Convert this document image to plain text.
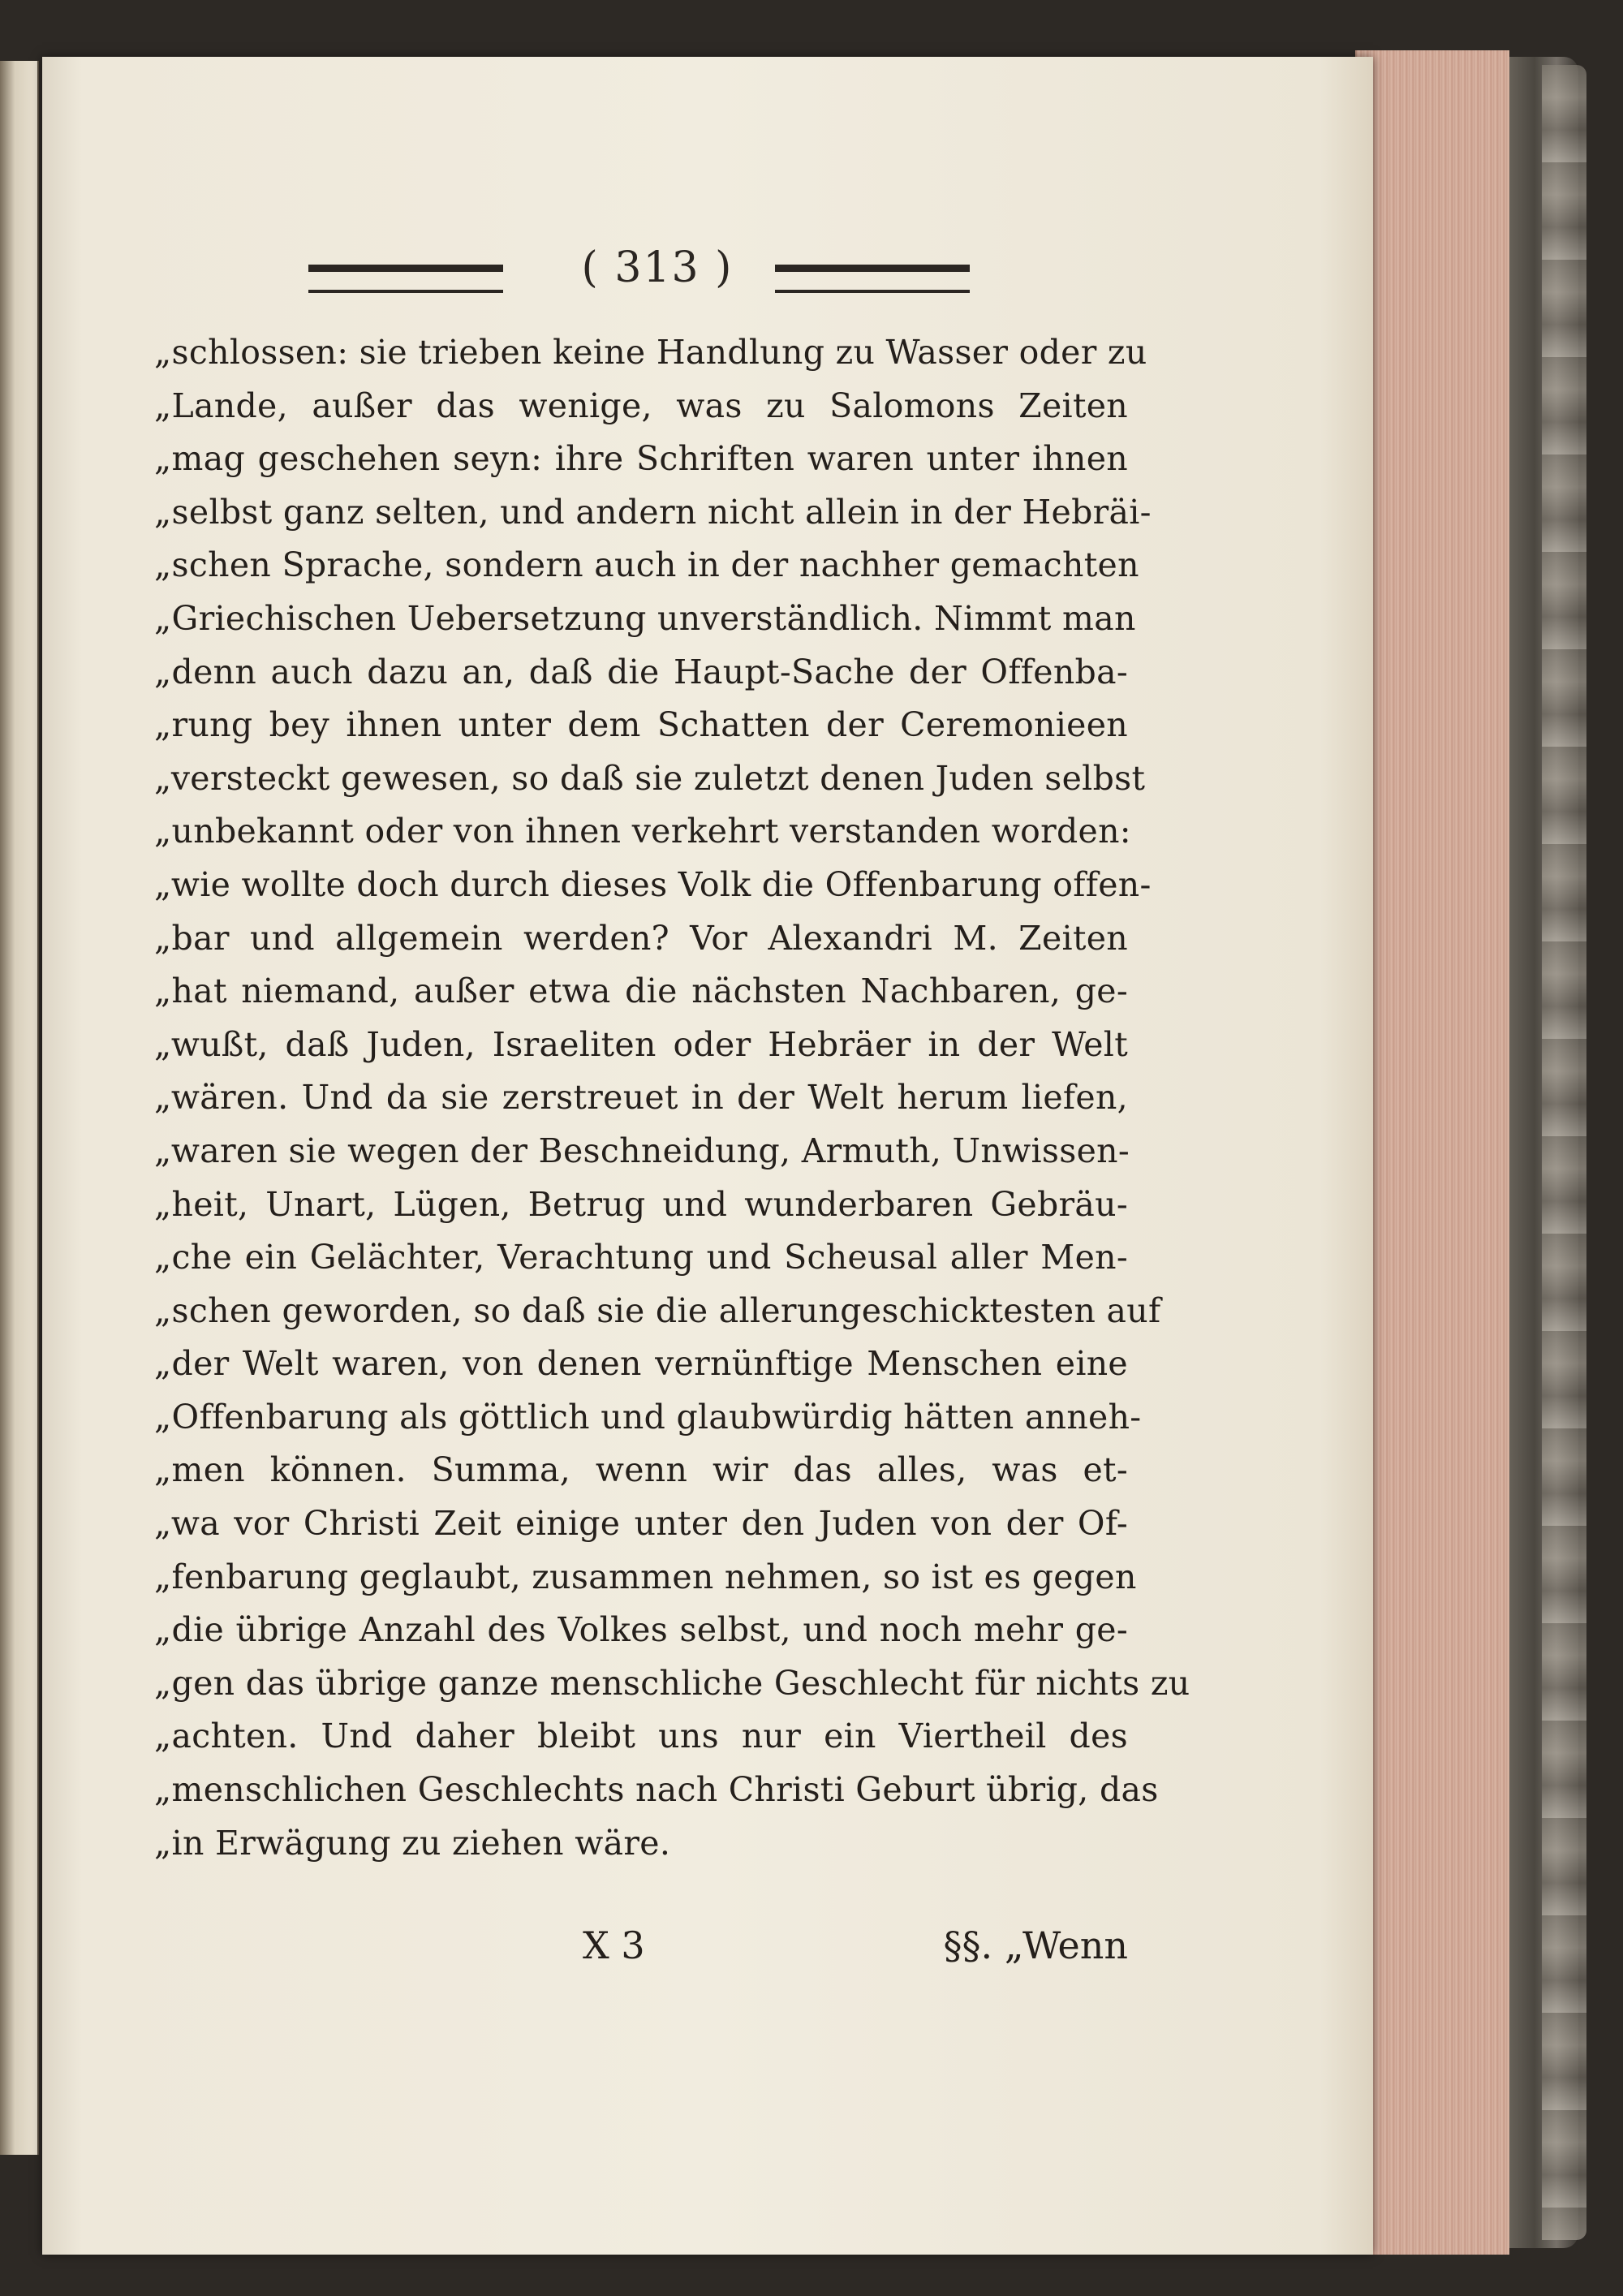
( 313 )
„schlossen: sie trieben keine Handlung zu Wasser oder zu
„Lande, außer das wenige, was zu Salomons Zeiten
„mag geschehen seyn: ihre Schriften waren unter ihnen
„selbst ganz selten, und andern nicht allein in der Hebräi-
„schen Sprache, sondern auch in der nachher gemachten
„Griechischen Uebersetzung unverständlich. Nimmt man
„denn auch dazu an, daß die Haupt-Sache der Offenba-
„rung bey ihnen unter dem Schatten der Ceremonieen
„versteckt gewesen, so daß sie zuletzt denen Juden selbst
„unbekannt oder von ihnen verkehrt verstanden worden:
„wie wollte doch durch dieses Volk die Offenbarung offen-
„bar und allgemein werden? Vor Alexandri M. Zeiten
„hat niemand, außer etwa die nächsten Nachbaren, ge-
„wußt, daß Juden, Israeliten oder Hebräer in der Welt
„wären. Und da sie zerstreuet in der Welt herum liefen,
„waren sie wegen der Beschneidung, Armuth, Unwissen-
„heit, Unart, Lügen, Betrug und wunderbaren Gebräu-
„che ein Gelächter, Verachtung und Scheusal aller Men-
„schen geworden, so daß sie die allerungeschicktesten auf
„der Welt waren, von denen vernünftige Menschen eine
„Offenbarung als göttlich und glaubwürdig hätten anneh-
„men können. Summa, wenn wir das alles, was et-
„wa vor Christi Zeit einige unter den Juden von der Of-
„fenbarung geglaubt, zusammen nehmen, so ist es gegen
„die übrige Anzahl des Volkes selbst, und noch mehr ge-
„gen das übrige ganze menschliche Geschlecht für nichts zu
„achten. Und daher bleibt uns nur ein Viertheil des
„menschlichen Geschlechts nach Christi Geburt übrig, das
„in Erwägung zu ziehen wäre.
X 3	§§. „Wenn
